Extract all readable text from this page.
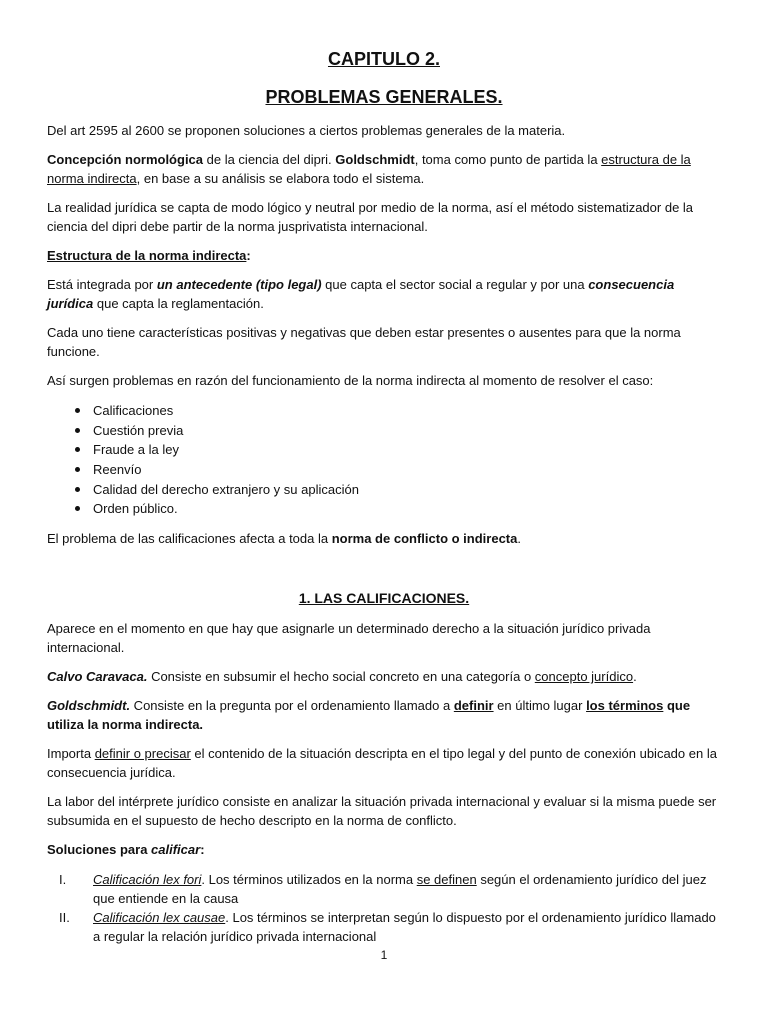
CAPITULO 2.
PROBLEMAS GENERALES.
Del art 2595 al 2600 se proponen soluciones a ciertos problemas generales de la materia.
Concepción normológica de la ciencia del dipri. Goldschmidt, toma como punto de partida la estructura de la norma indirecta, en base a su análisis se elabora todo el sistema.
La realidad jurídica se capta de modo lógico y neutral por medio de la norma, así el método sistematizador de la ciencia del dipri debe partir de la norma jusprivatista internacional.
Estructura de la norma indirecta:
Está integrada por un antecedente (tipo legal) que capta el sector social a regular y por una consecuencia jurídica que capta la reglamentación.
Cada uno tiene características positivas y negativas que deben estar presentes o ausentes para que la norma funcione.
Así surgen problemas en razón del funcionamiento de la norma indirecta al momento de resolver el caso:
Calificaciones
Cuestión previa
Fraude a la ley
Reenvío
Calidad del derecho extranjero y su aplicación
Orden público.
El problema de las calificaciones afecta a toda la norma de conflicto o indirecta.
1. LAS CALIFICACIONES.
Aparece en el momento en que hay que asignarle un determinado derecho a la situación jurídico privada internacional.
Calvo Caravaca. Consiste en subsumir el hecho social concreto en una categoría o concepto jurídico.
Goldschmidt. Consiste en la pregunta por el ordenamiento llamado a definir en último lugar los términos que utiliza la norma indirecta.
Importa definir o precisar el contenido de la situación descripta en el tipo legal y del punto de conexión ubicado en la consecuencia jurídica.
La labor del intérprete jurídico consiste en analizar la situación privada internacional y evaluar si la misma puede ser subsumida en el supuesto de hecho descripto en la norma de conflicto.
Soluciones para calificar:
I. Calificación lex fori. Los términos utilizados en la norma se definen según el ordenamiento jurídico del juez que entiende en la causa
II. Calificación lex causae. Los términos se interpretan según lo dispuesto por el ordenamiento jurídico llamado a regular la relación jurídico privada internacional
1
